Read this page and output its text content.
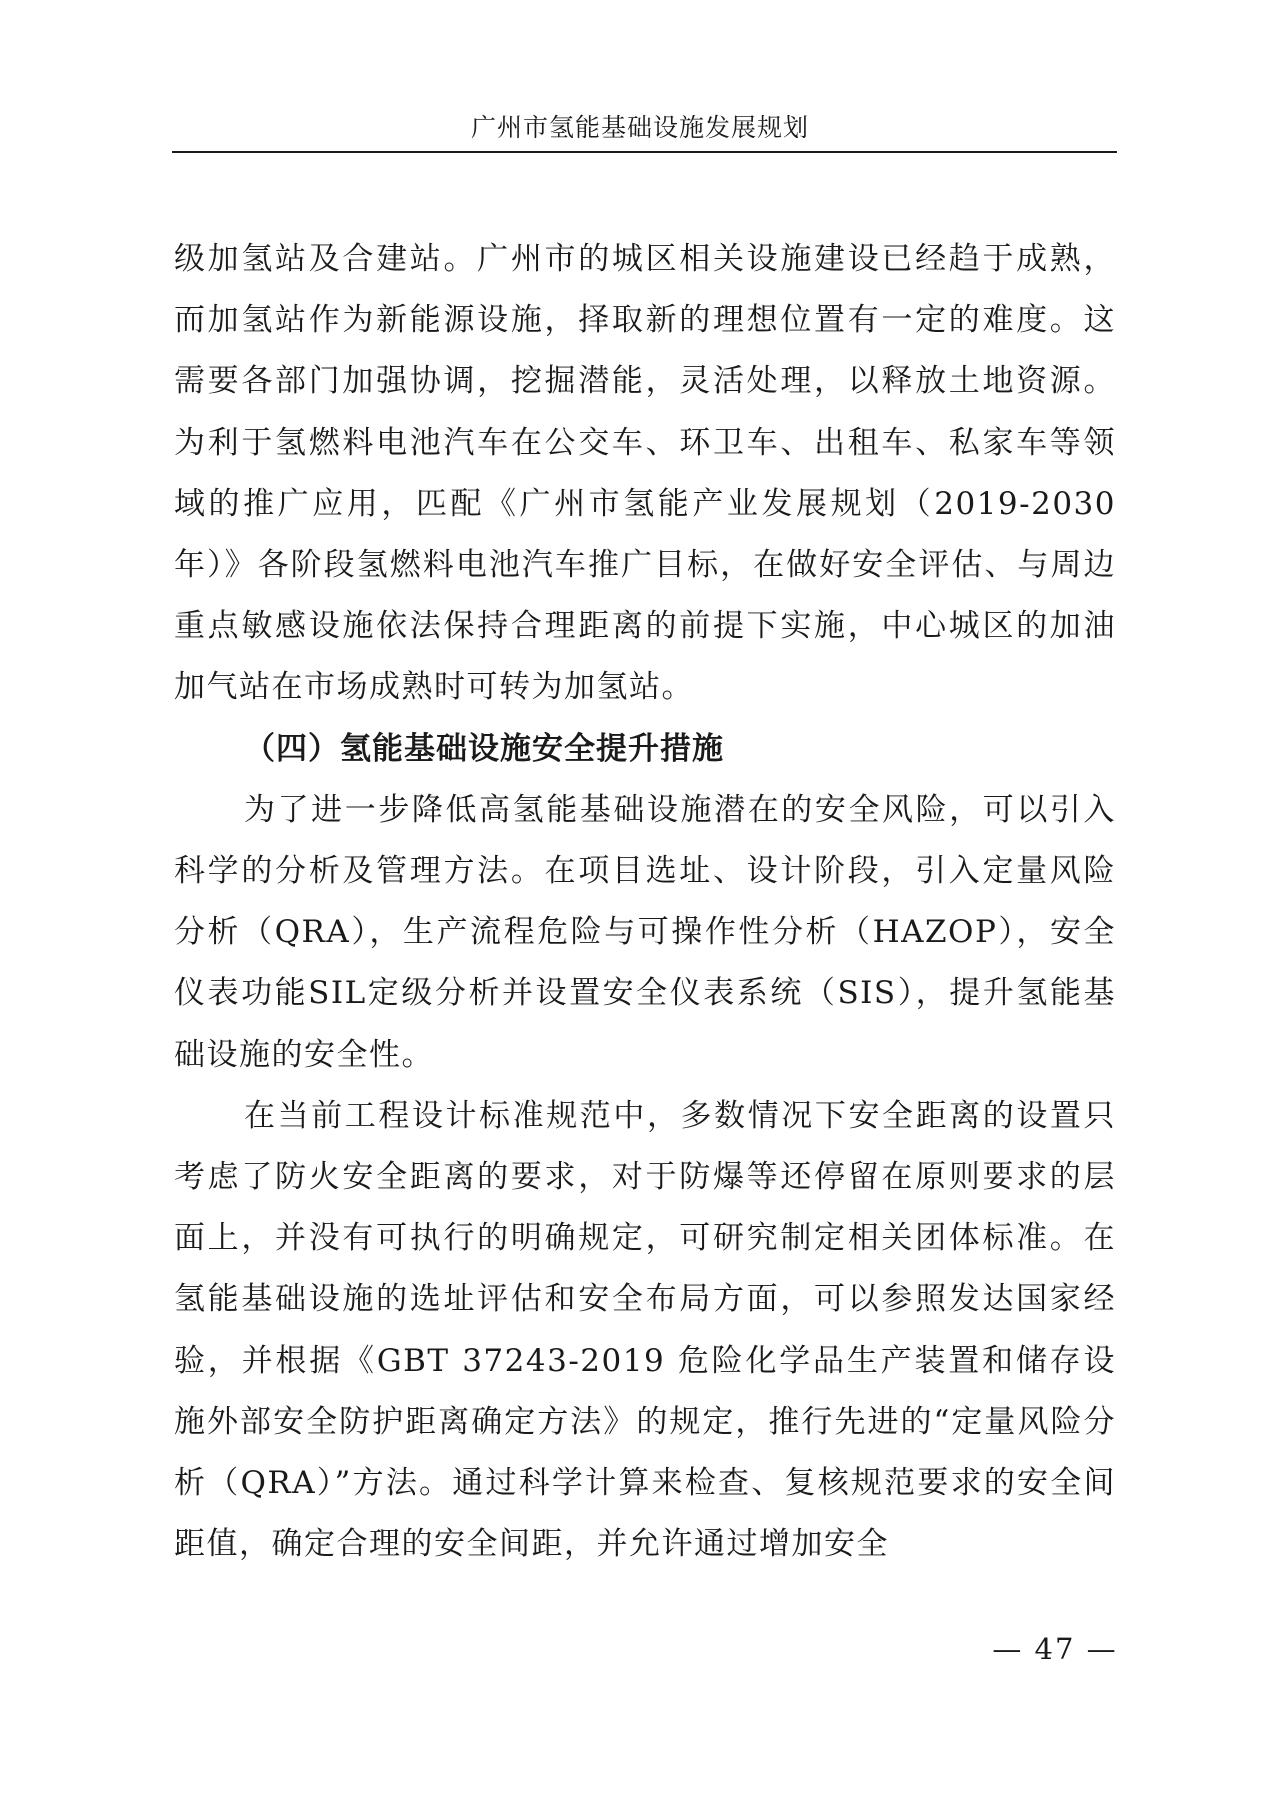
广州市氢能基础设施发展规划

级加氢站及合建站。广州市的城区相关设施建设已经趋于成熟，而加氢站作为新能源设施，择取新的理想位置有一定的难度。这需要各部门加强协调，挖掘潜能，灵活处理，以释放土地资源。为利于氢燃料电池汽车在公交车、环卫车、出租车、私家车等领域的推广应用，匹配《广州市氢能产业发展规划（2019-2030年）》各阶段氢燃料电池汽车推广目标，在做好安全评估、与周边重点敏感设施依法保持合理距离的前提下实施，中心城区的加油加气站在市场成熟时可转为加氢站。

（四）氢能基础设施安全提升措施

为了进一步降低高氢能基础设施潜在的安全风险，可以引入科学的分析及管理方法。在项目选址、设计阶段，引入定量风险分析（QRA），生产流程危险与可操作性分析（HAZOP），安全仪表功能SIL定级分析并设置安全仪表系统（SIS），提升氢能基础设施的安全性。

在当前工程设计标准规范中，多数情况下安全距离的设置只考虑了防火安全距离的要求，对于防爆等还停留在原则要求的层面上，并没有可执行的明确规定，可研究制定相关团体标准。在氢能基础设施的选址评估和安全布局方面，可以参照发达国家经验，并根据《GBT 37243-2019 危险化学品生产装置和储存设施外部安全防护距离确定方法》的规定，推行先进的“定量风险分析（QRA）”方法。通过科学计算来检查、复核规范要求的安全间距值，确定合理的安全间距，并允许通过增加安全

— 47 —
